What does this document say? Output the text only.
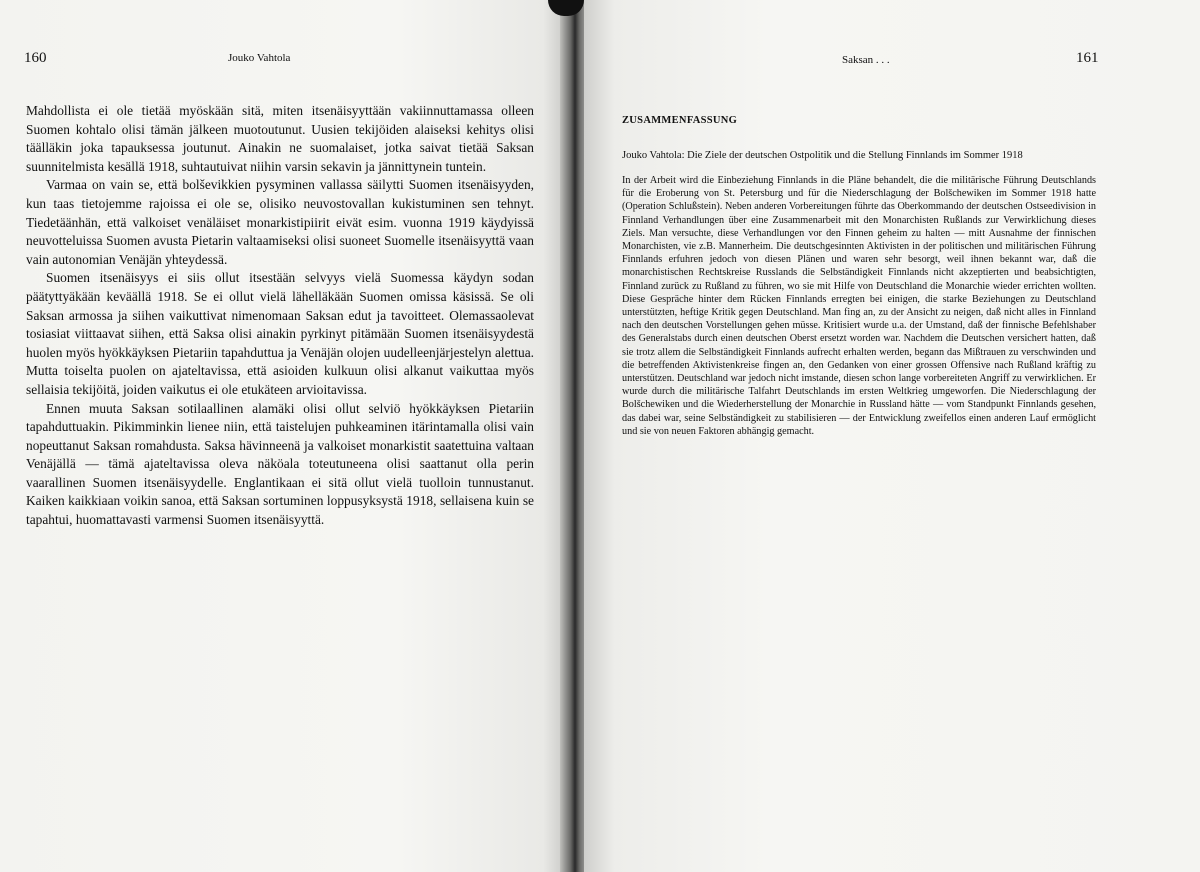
160	Jouko Vahtola

Mahdollista ei ole tietää myöskään sitä, miten itsenäisyyttään vakiinnuttamassa olleen Suomen kohtalo olisi tämän jälkeen muotoutunut. Uusien tekijöiden alaiseksi kehitys olisi täälläkin joka tapauksessa joutunut. Ainakin ne suomalaiset, jotka saivat tietää Saksan suunnitelmista kesällä 1918, suhtautuivat niihin varsin sekavin ja jännittynein tuntein.

Varmaa on vain se, että bolševikkien pysyminen vallassa säilytti Suomen itsenäisyyden, kun taas tietojemme rajoissa ei ole se, olisiko neuvostovallan kukistuminen sen tehnyt. Tiedetäänhän, että valkoiset venäläiset monarkistipiirit eivät esim. vuonna 1919 käydyissä neuvotteluissa Suomen avusta Pietarin valtaamiseksi olisi suoneet Suomelle itsenäisyyttä vaan vain autonomian Venäjän yhteydessä.

Suomen itsenäisyys ei siis ollut itsestään selvyys vielä Suomessa käydyn sodan päätyttyäkään keväällä 1918. Se ei ollut vielä lähelläkään Suomen omissa käsissä. Se oli Saksan armossa ja siihen vaikuttivat nimenomaan Saksan edut ja tavoitteet. Olemassaolevat tosiasiat viittaavat siihen, että Saksa olisi ainakin pyrkinyt pitämään Suomen itsenäisyydestä huolen myös hyökkäyksen Pietariin tapahduttua ja Venäjän olojen uudelleenjärjestelyn alettua. Mutta toiselta puolen on ajateltavissa, että asioiden kulkuun olisi alkanut vaikuttaa myös sellaisia tekijöitä, joiden vaikutus ei ole etukäteen arvioitavissa.

Ennen muuta Saksan sotilaallinen alamäki olisi ollut selviö hyökkäyksen Pietariin tapahduttuakin. Pikimminkin lienee niin, että taistelujen puhkeaminen itärintamalla olisi vain nopeuttanut Saksan romahdusta. Saksa hävinneenä ja valkoiset monarkistit saatettuina valtaan Venäjällä — tämä ajateltavissa oleva näköala toteutuneena olisi saattanut olla perin vaarallinen Suomen itsenäisyydelle. Englantikaan ei sitä ollut vielä tuolloin tunnustanut. Kaiken kaikkiaan voikin sanoa, että Saksan sortuminen loppusyksystä 1918, sellaisena kuin se tapahtui, huomattavasti varmensi Suomen itsenäisyyttä.

Saksan . . .	161
ZUSAMMENFASSUNG
Jouko Vahtola: Die Ziele der deutschen Ostpolitik und die Stellung Finnlands im Sommer 1918

In der Arbeit wird die Einbeziehung Finnlands in die Pläne behandelt, die die militärische Führung Deutschlands für die Eroberung von St. Petersburg und für die Niederschlagung der Bolšchewiken im Sommer 1918 hatte (Operation Schlußstein). Neben anderen Vorbereitungen führte das Oberkommando der deutschen Ostseedivision in Finnland Verhandlungen über eine Zusammenarbeit mit den Monarchisten Rußlands zur Verwirklichung dieses Ziels. Man versuchte, diese Verhandlungen vor den Finnen geheim zu halten — mitt Ausnahme der finnischen Monarchisten, vie z.B. Mannerheim. Die deutschgesinnten Aktivisten in der politischen und militärischen Führung Finnlands erfuhren jedoch von diesen Plänen und waren sehr besorgt, weil ihnen bekannt war, daß die monarchistischen Rechtskreise Russlands die Selbständigkeit Finnlands nicht akzeptierten und beabsichtigten, Finnland zurück zu Rußland zu führen, wo sie mit Hilfe von Deutschland die Monarchie wieder errichten wollten. Diese Gespräche hinter dem Rücken Finnlands erregten bei einigen, die starke Beziehungen zu Deutschland unterstützten, heftige Kritik gegen Deutschland. Man fing an, zu der Ansicht zu neigen, daß nicht alles in Finnland nach den deutschen Vorstellungen gehen müsse. Kritisiert wurde u.a. der Umstand, daß der finnische Befehlshaber des Generalstabs durch einen deutschen Oberst ersetzt worden war. Nachdem die Deutschen versichert hatten, daß sie trotz allem die Selbständigkeit Finnlands aufrecht erhalten werden, begann das Mißtrauen zu verschwinden und die betreffenden Aktivistenkreise fingen an, den Gedanken von einer grossen Offensive nach Rußland kräftig zu unterstützen. Deutschland war jedoch nicht imstande, diesen schon lange vorbereiteten Angriff zu verwirklichen. Er wurde durch die militärische Talfahrt Deutschlands im ersten Weltkrieg umgeworfen. Die Niederschlagung der Bolšchewiken und die Wiederherstellung der Monarchie in Russland hätte — vom Standpunkt Finnlands gesehen, das dabei war, seine Selbständigkeit zu stabilisieren — der Entwicklung zweifellos einen anderen Lauf ermöglicht und sie von neuen Faktoren abhängig gemacht.
